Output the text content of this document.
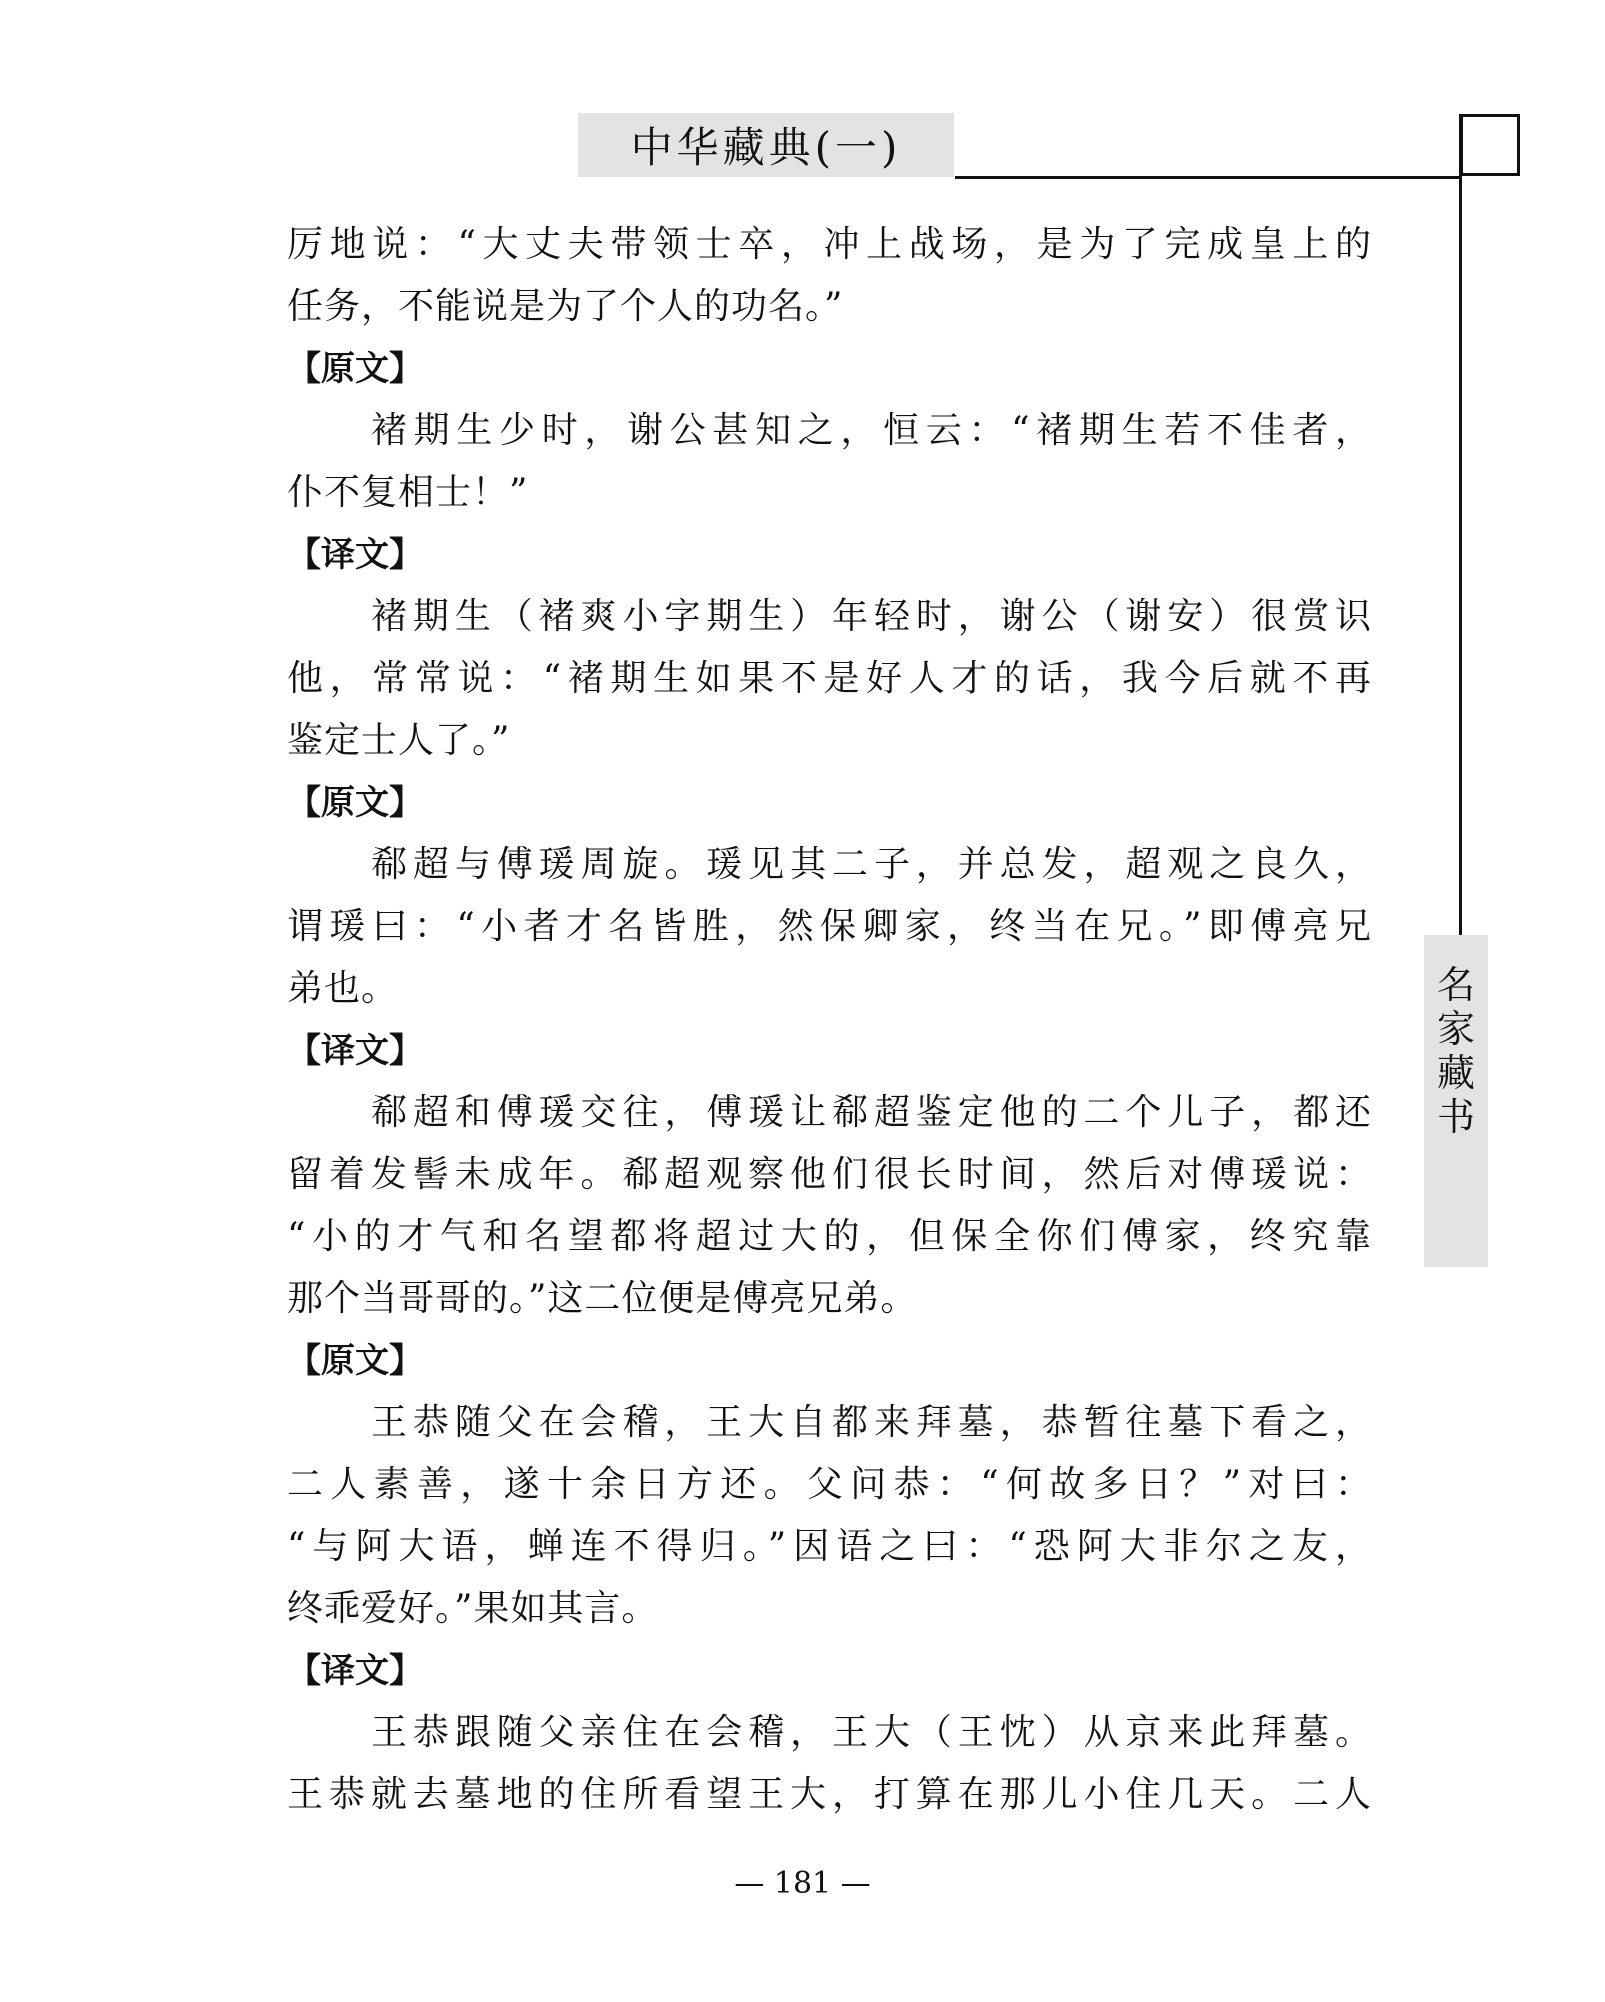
中华藏典(一)
名
家
藏
书
厉地说：“大丈夫带领士卒，冲上战场，是为了完成皇上的
任务，不能说是为了个人的功名。”
【原文】
褚期生少时，谢公甚知之，恒云：“褚期生若不佳者，
仆不复相士！”
【译文】
褚期生（褚爽小字期生）年轻时，谢公（谢安）很赏识
他，常常说：“褚期生如果不是好人才的话，我今后就不再
鉴定士人了。”
【原文】
郗超与傅瑗周旋。瑗见其二子，并总发，超观之良久，
谓瑗曰：“小者才名皆胜，然保卿家，终当在兄。”即傅亮兄
弟也。
【译文】
郗超和傅瑗交往，傅瑗让郗超鉴定他的二个儿子，都还
留着发髻未成年。郗超观察他们很长时间，然后对傅瑗说：
“小的才气和名望都将超过大的，但保全你们傅家，终究靠
那个当哥哥的。”这二位便是傅亮兄弟。
【原文】
王恭随父在会稽，王大自都来拜墓，恭暂往墓下看之，
二人素善，遂十余日方还。父问恭：“何故多日？”对曰：
“与阿大语，蝉连不得归。”因语之曰：“恐阿大非尔之友，
终乖爱好。”果如其言。
【译文】
王恭跟随父亲住在会稽，王大（王忱）从京来此拜墓。
王恭就去墓地的住所看望王大，打算在那儿小住几天。二人
— 181 —
